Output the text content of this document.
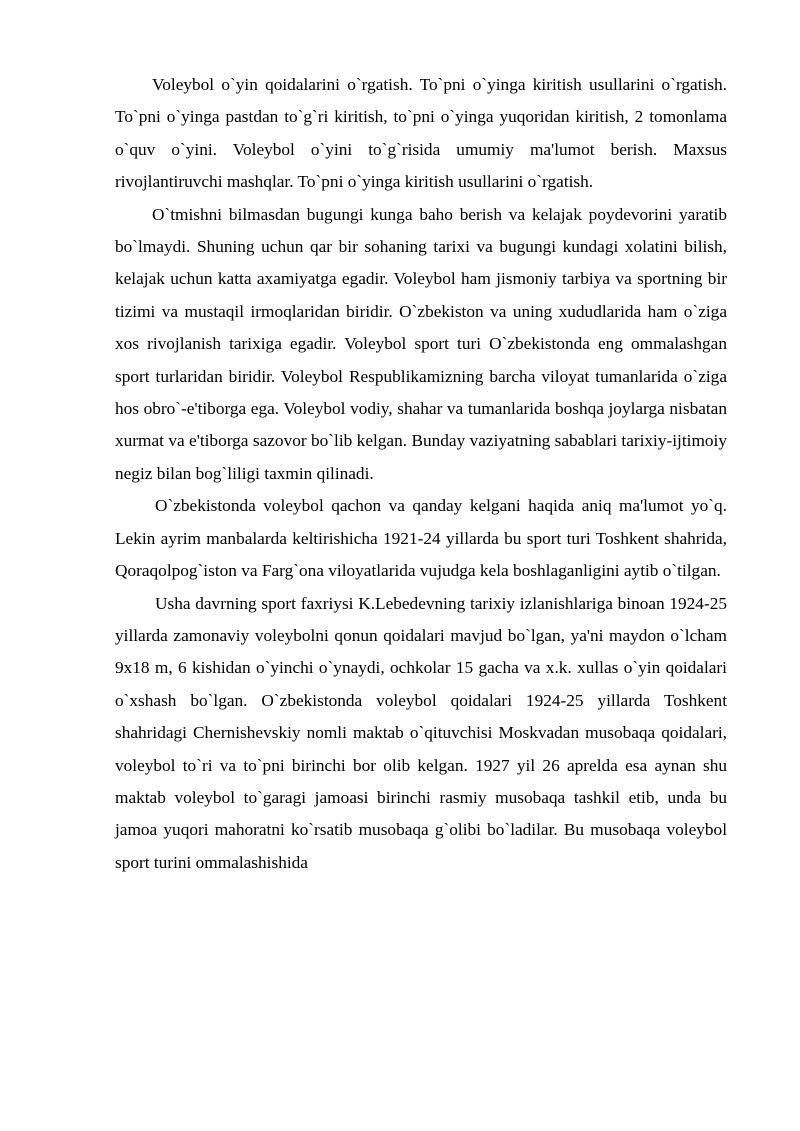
Voleybol o`yin qoidalarini o`rgatish. To`pni o`yinga kiritish usullarini o`rgatish. To`pni o`yinga pastdan to`g`ri kiritish, to`pni o`yinga yuqoridan kiritish, 2 tomonlama o`quv o`yini. Voleybol o`yini to`g`risida umumiy ma'lumot berish. Maxsus rivojlantiruvchi mashqlar. To`pni o`yinga kiritish usullarini o`rgatish.

O`tmishni bilmasdan bugungi kunga baho berish va kelajak poydevorini yaratib bo`lmaydi. Shuning uchun qar bir sohaning tarixi va bugungi kundagi xolatini bilish, kelajak uchun katta axamiyatga egadir. Voleybol ham jismoniy tarbiya va sportning bir tizimi va mustaqil irmoqlaridan biridir. O`zbekiston va uning xududlarida ham o`ziga xos rivojlanish tarixiga egadir. Voleybol sport turi O`zbekistonda eng ommalashgan sport turlaridan biridir. Voleybol Respublikamizning barcha viloyat tumanlarida o`ziga hos obro`-e'tiborga ega. Voleybol vodiy, shahar va tumanlarida boshqa joylarga nisbatan xurmat va e'tiborga sazovor bo`lib kelgan. Bunday vaziyatning sabablari tarixiy-ijtimoiy negiz bilan bog`liligi taxmin qilinadi.

O`zbekistonda voleybol qachon va qanday kelgani haqida aniq ma'lumot yo`q. Lekin ayrim manbalarda keltirishicha 1921-24 yillarda bu sport turi Toshkent shahrida, Qoraqolpog`iston va Farg`ona viloyatlarida vujudga kela boshlaganligini aytib o`tilgan.

Usha davrning sport faxriysi K.Lebedevning tarixiy izlanishlariga binoan 1924-25 yillarda zamonaviy voleybolni qonun qoidalari mavjud bo`lgan, ya'ni maydon o`lcham 9x18 m, 6 kishidan o`yinchi o`ynaydi, ochkolar 15 gacha va x.k. xullas o`yin qoidalari o`xshash bo`lgan. O`zbekistonda voleybol qoidalari 1924-25 yillarda Toshkent shahridagi Chernishevskiy nomli maktab o`qituvchisi Moskvadan musobaqa qoidalari, voleybol to`ri va to`pni birinchi bor olib kelgan. 1927 yil 26 aprelda esa aynan shu maktab voleybol to`garagi jamoasi birinchi rasmiy musobaqa tashkil etib, unda bu jamoa yuqori mahoratni ko`rsatib musobaqa g`olibi bo`ladilar. Bu musobaqa voleybol sport turini ommalashishida
